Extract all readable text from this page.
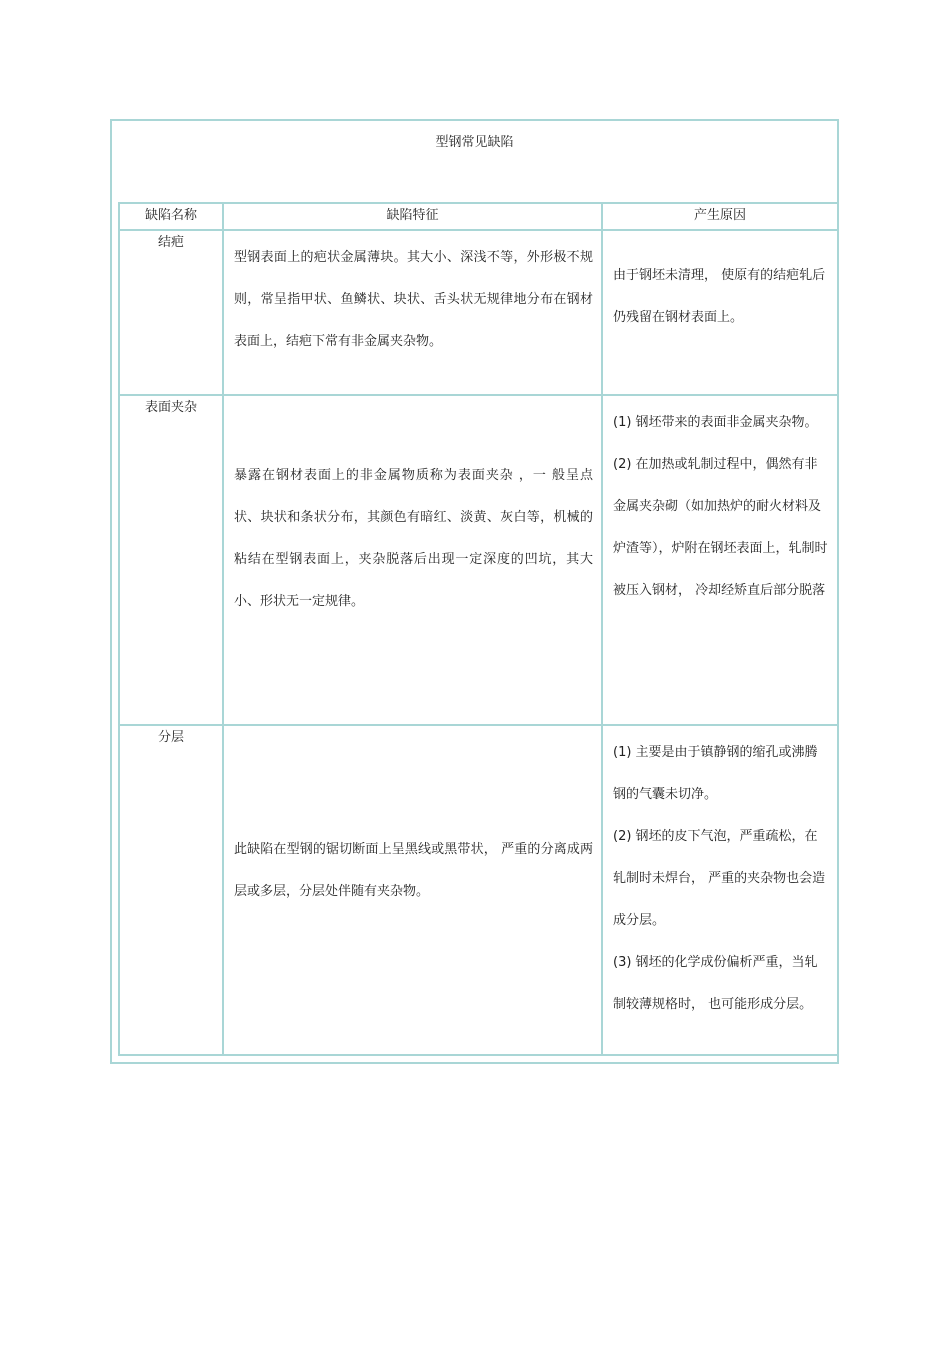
型钢常见缺陷
缺陷名称	缺陷特征	产生原因
结疤	型钢表面上的疤状金属薄块。其大小、深浅不等，外形极不规则，常呈指甲状、鱼鳞状、块状、舌头状无规律地分布在钢材表面上，结疤下常有非金属夹杂物。	由于钢坯未清理， 使原有的结疤轧后仍残留在钢材表面上。

表面夹杂	暴露在钢材表面上的非金属物质称为表面夹杂 ，一 般呈点状、块状和条状分布，其颜色有暗红、淡黄、灰白等，机械的粘结在型钢表面上，夹杂脱落后出现一定深度的凹坑，其大小、形状无一定规律。	(1) 钢坯带来的表面非金属夹杂物。

(2) 在加热或轧制过程中，偶然有非金属夹杂砌（如加热炉的耐火材料及炉渣等），炉附在钢坯表面上，轧制时被压入钢材， 冷却经矫直后部分脱落

分层	此缺陷在型钢的锯切断面上呈黑线或黑带状， 严重的分离成两层或多层，分层处伴随有夹杂物。	(1) 主要是由于镇静钢的缩孔或沸腾钢的气囊未切净。

(2) 钢坯的皮下气泡，严重疏松，在轧制时未焊台， 严重的夹杂物也会造成分层。

(3) 钢坯的化学成份偏析严重，当轧制较薄规格时， 也可能形成分层。
